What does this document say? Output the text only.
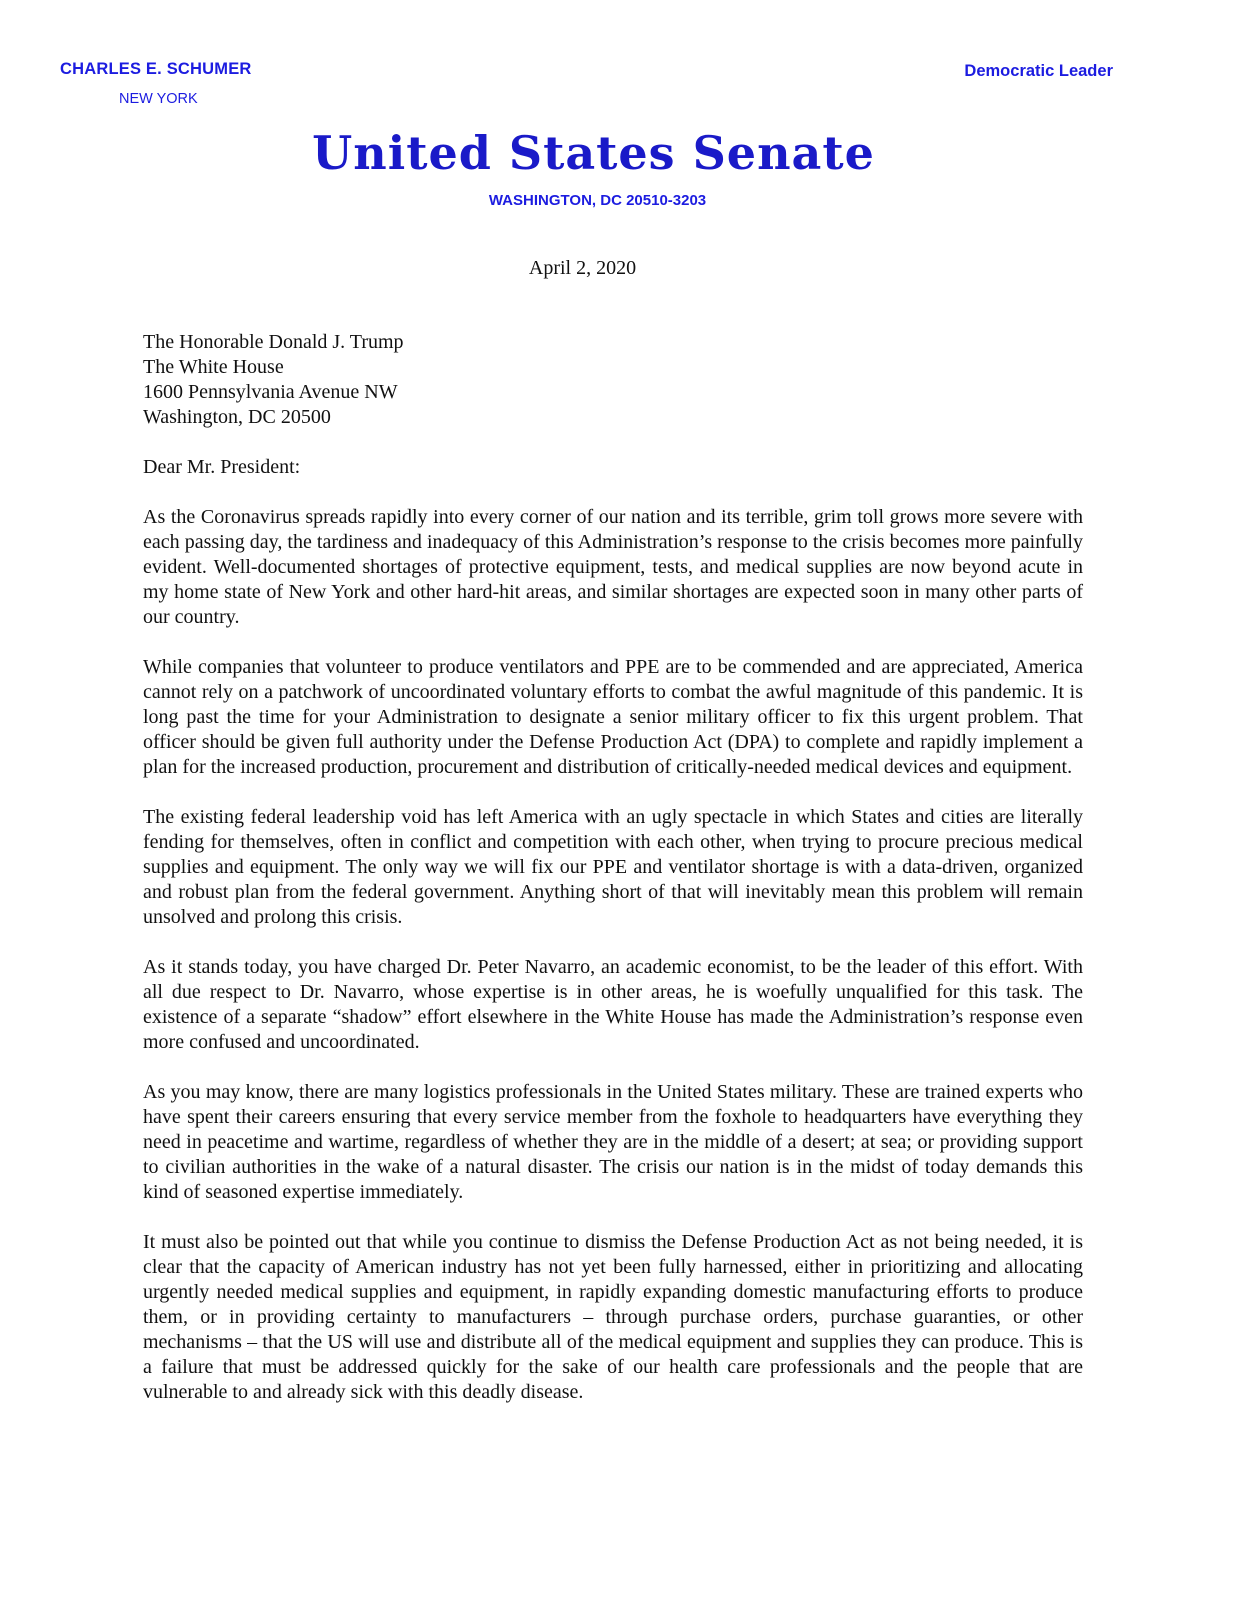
CHARLES E. SCHUMER
NEW YORK
Democratic Leader
United States Senate
WASHINGTON, DC 20510-3203
April 2, 2020
The Honorable Donald J. Trump
The White House
1600 Pennsylvania Avenue NW
Washington, DC 20500
Dear Mr. President:
As the Coronavirus spreads rapidly into every corner of our nation and its terrible, grim toll grows more severe with each passing day, the tardiness and inadequacy of this Administration’s response to the crisis becomes more painfully evident. Well-documented shortages of protective equipment, tests, and medical supplies are now beyond acute in my home state of New York and other hard-hit areas, and similar shortages are expected soon in many other parts of our country.
While companies that volunteer to produce ventilators and PPE are to be commended and are appreciated, America cannot rely on a patchwork of uncoordinated voluntary efforts to combat the awful magnitude of this pandemic. It is long past the time for your Administration to designate a senior military officer to fix this urgent problem. That officer should be given full authority under the Defense Production Act (DPA) to complete and rapidly implement a plan for the increased production, procurement and distribution of critically-needed medical devices and equipment.
The existing federal leadership void has left America with an ugly spectacle in which States and cities are literally fending for themselves, often in conflict and competition with each other, when trying to procure precious medical supplies and equipment. The only way we will fix our PPE and ventilator shortage is with a data-driven, organized and robust plan from the federal government. Anything short of that will inevitably mean this problem will remain unsolved and prolong this crisis.
As it stands today, you have charged Dr. Peter Navarro, an academic economist, to be the leader of this effort. With all due respect to Dr. Navarro, whose expertise is in other areas, he is woefully unqualified for this task. The existence of a separate “shadow” effort elsewhere in the White House has made the Administration’s response even more confused and uncoordinated.
As you may know, there are many logistics professionals in the United States military. These are trained experts who have spent their careers ensuring that every service member from the foxhole to headquarters have everything they need in peacetime and wartime, regardless of whether they are in the middle of a desert; at sea; or providing support to civilian authorities in the wake of a natural disaster. The crisis our nation is in the midst of today demands this kind of seasoned expertise immediately.
It must also be pointed out that while you continue to dismiss the Defense Production Act as not being needed, it is clear that the capacity of American industry has not yet been fully harnessed, either in prioritizing and allocating urgently needed medical supplies and equipment, in rapidly expanding domestic manufacturing efforts to produce them, or in providing certainty to manufacturers – through purchase orders, purchase guaranties, or other mechanisms – that the US will use and distribute all of the medical equipment and supplies they can produce. This is a failure that must be addressed quickly for the sake of our health care professionals and the people that are vulnerable to and already sick with this deadly disease.
